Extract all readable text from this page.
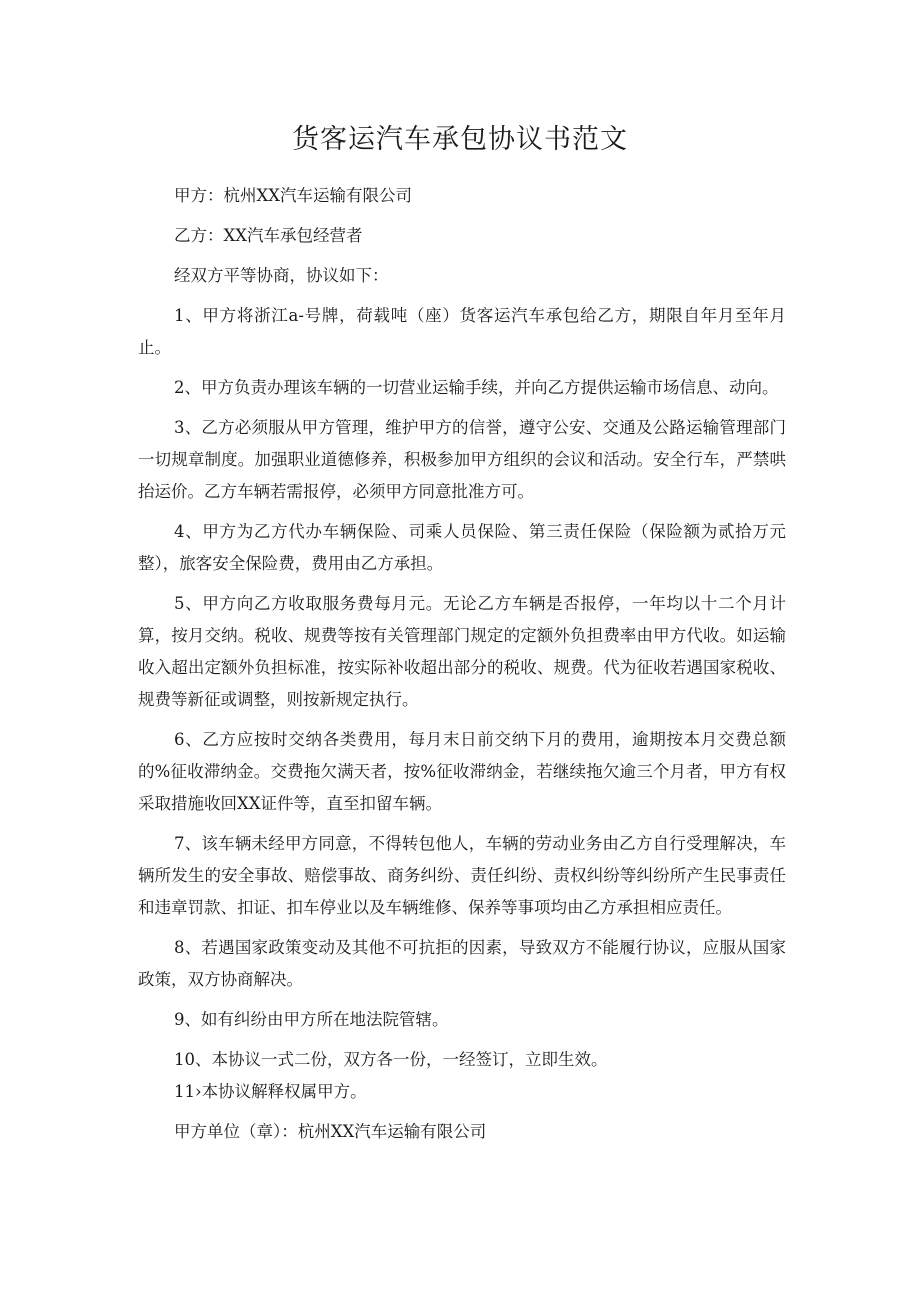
货客运汽车承包协议书范文

甲方：杭州XX汽车运输有限公司

乙方：XX汽车承包经营者

经双方平等协商，协议如下：

1、甲方将浙江a-号牌，荷载吨（座）货客运汽车承包给乙方，期限自年月至年月止。

2、甲方负责办理该车辆的一切营业运输手续，并向乙方提供运输市场信息、动向。

3、乙方必须服从甲方管理，维护甲方的信誉，遵守公安、交通及公路运输管理部门一切规章制度。加强职业道德修养，积极参加甲方组织的会议和活动。安全行车，严禁哄抬运价。乙方车辆若需报停，必须甲方同意批准方可。

4、甲方为乙方代办车辆保险、司乘人员保险、第三责任保险（保险额为贰拾万元整），旅客安全保险费，费用由乙方承担。

5、甲方向乙方收取服务费每月元。无论乙方车辆是否报停，一年均以十二个月计算，按月交纳。税收、规费等按有关管理部门规定的定额外负担费率由甲方代收。如运输收入超出定额外负担标准，按实际补收超出部分的税收、规费。代为征收若遇国家税收、规费等新征或调整，则按新规定执行。

6、乙方应按时交纳各类费用，每月末日前交纳下月的费用，逾期按本月交费总额的%征收滞纳金。交费拖欠满天者，按%征收滞纳金，若继续拖欠逾三个月者，甲方有权采取措施收回XX证件等，直至扣留车辆。

7、该车辆未经甲方同意，不得转包他人，车辆的劳动业务由乙方自行受理解决，车辆所发生的安全事故、赔偿事故、商务纠纷、责任纠纷、责权纠纷等纠纷所产生民事责任和违章罚款、扣证、扣车停业以及车辆维修、保养等事项均由乙方承担相应责任。

8、若遇国家政策变动及其他不可抗拒的因素，导致双方不能履行协议，应服从国家政策，双方协商解决。

9、如有纠纷由甲方所在地法院管辖。

10、本协议一式二份，双方各一份，一经签订，立即生效。

11›本协议解释权属甲方。

甲方单位（章）：杭州XX汽车运输有限公司
